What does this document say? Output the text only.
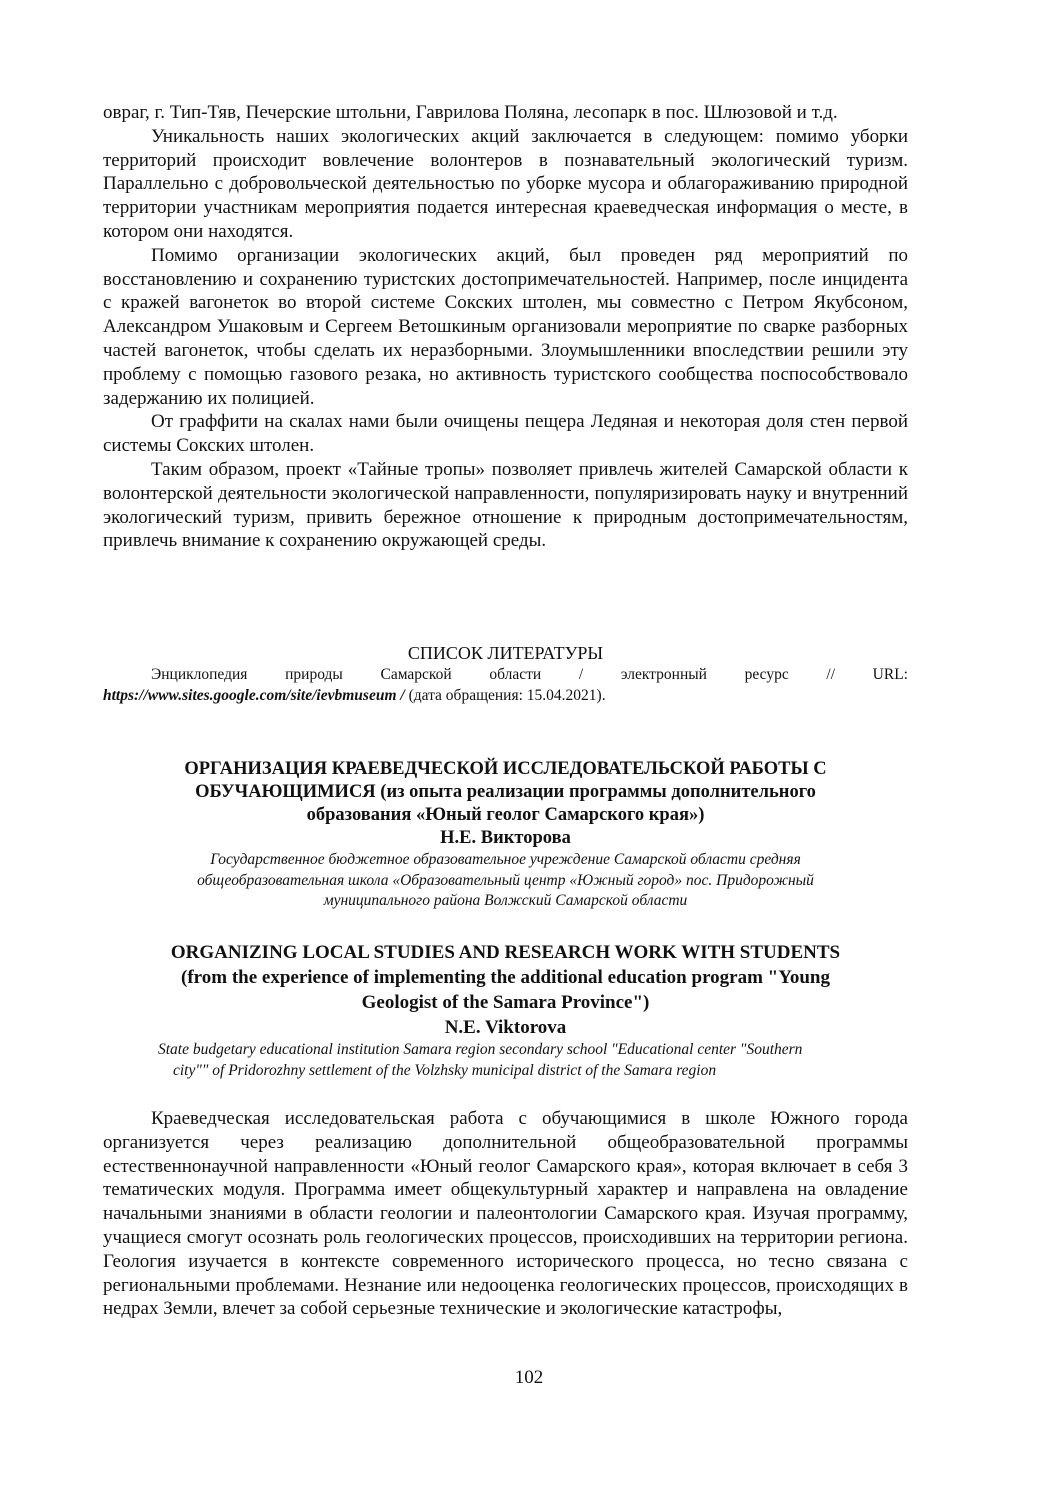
овраг, г. Тип-Тяв, Печерские штольни, Гаврилова Поляна, лесопарк в пос. Шлюзовой и т.д.

Уникальность наших экологических акций заключается в следующем: помимо уборки территорий происходит вовлечение волонтеров в познавательный экологический туризм. Параллельно с добровольческой деятельностью по уборке мусора и облагораживанию природной территории участникам мероприятия подается интересная краеведческая информация о месте, в котором они находятся.

Помимо организации экологических акций, был проведен ряд мероприятий по восстановлению и сохранению туристских достопримечательностей. Например, после инцидента с кражей вагонеток во второй системе Сокских штолен, мы совместно с Петром Якубсоном, Александром Ушаковым и Сергеем Ветошкиным организовали мероприятие по сварке разборных частей вагонеток, чтобы сделать их неразборными. Злоумышленники впоследствии решили эту проблему с помощью газового резака, но активность туристского сообщества поспособствовало задержанию их полицией.

От граффити на скалах нами были очищены пещера Ледяная и некоторая доля стен первой системы Сокских штолен.

Таким образом, проект «Тайные тропы» позволяет привлечь жителей Самарской области к волонтерской деятельности экологической направленности, популяризировать науку и внутренний экологический туризм, привить бережное отношение к природным достопримечательностям, привлечь внимание к сохранению окружающей среды.

СПИСОК ЛИТЕРАТУРЫ

Энциклопедия природы Самарской области / электронный ресурс // URL: https://www.sites.google.com/site/ievbmuseum / (дата обращения: 15.04.2021).

ОРГАНИЗАЦИЯ КРАЕВЕДЧЕСКОЙ ИССЛЕДОВАТЕЛЬСКОЙ РАБОТЫ С

ОБУЧАЮЩИМИСЯ (из опыта реализации программы дополнительного

образования «Юный геолог Самарского края»)

Н.Е. Викторова

Государственное бюджетное образовательное учреждение Самарской области средняя

общеобразовательная школа «Образовательный центр «Южный город» пос. Придорожный

муниципального района Волжский Самарской области

ORGANIZING LOCAL STUDIES AND RESEARCH WORK WITH STUDENTS

(from the experience of implementing the additional education program "Young

Geologist of the Samara Province")

N.E. Viktorova

State budgetary educational institution Samara region secondary school "Educational center "Southern

city"" of Pridorozhny settlement of the Volzhsky municipal district of the Samara region

Краеведческая исследовательская работа с обучающимися в школе Южного города организуется через реализацию дополнительной общеобразовательной программы естественнонаучной направленности «Юный геолог Самарского края», которая включает в себя 3 тематических модуля. Программа имеет общекультурный характер и направлена на овладение начальными знаниями в области геологии и палеонтологии Самарского края. Изучая программу, учащиеся смогут осознать роль геологических процессов, происходивших на территории региона. Геология изучается в контексте современного исторического процесса, но тесно связана с региональными проблемами. Незнание или недооценка геологических процессов, происходящих в недрах Земли, влечет за собой серьезные технические и экологические катастрофы,

102
